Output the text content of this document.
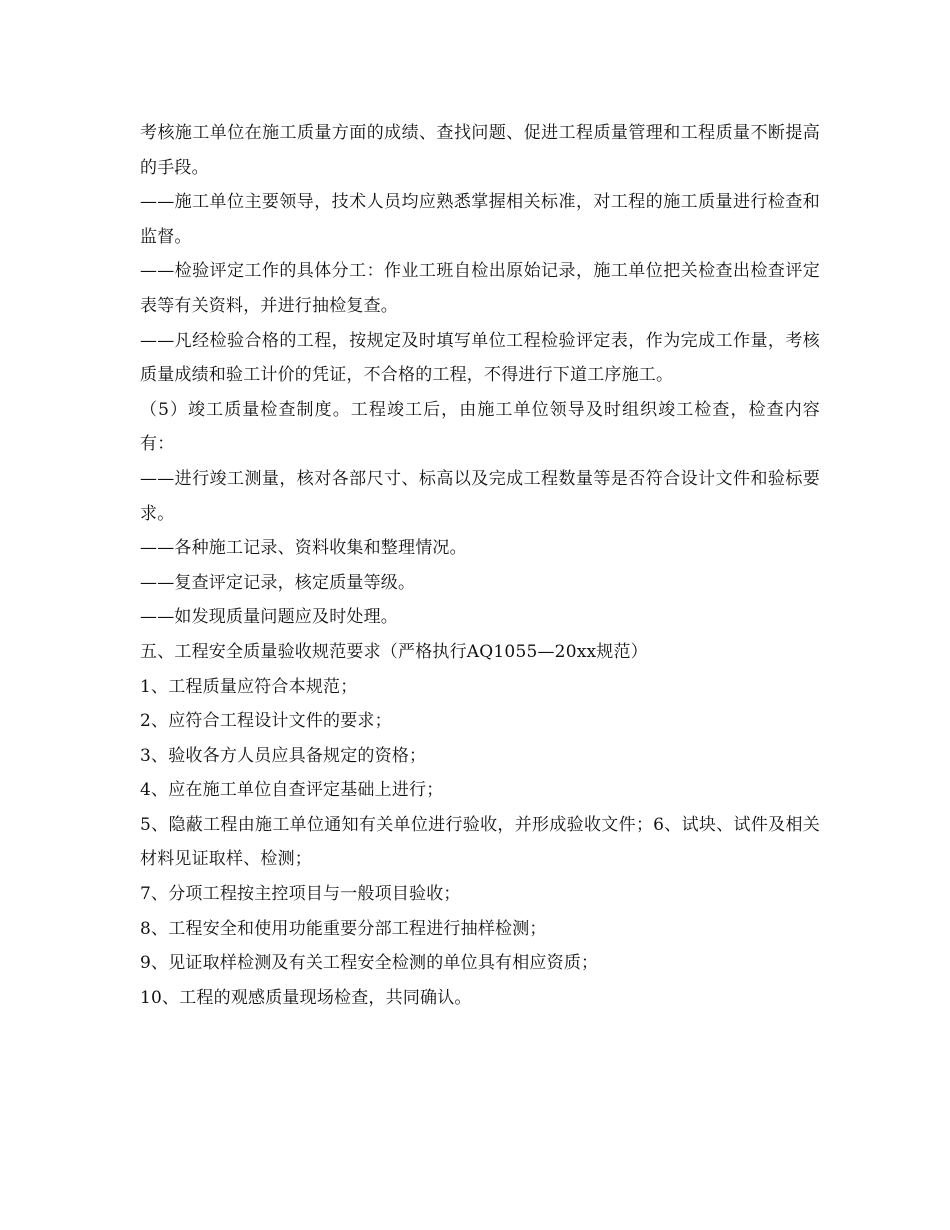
考核施工单位在施工质量方面的成绩、查找问题、促进工程质量管理和工程质量不断提高的手段。

——施工单位主要领导，技术人员均应熟悉掌握相关标准，对工程的施工质量进行检查和监督。

——检验评定工作的具体分工：作业工班自检出原始记录，施工单位把关检查出检查评定表等有关资料，并进行抽检复查。

——凡经检验合格的工程，按规定及时填写单位工程检验评定表，作为完成工作量，考核质量成绩和验工计价的凭证，不合格的工程，不得进行下道工序施工。

（5）竣工质量检查制度。工程竣工后，由施工单位领导及时组织竣工检查，检查内容有：

——进行竣工测量，核对各部尺寸、标高以及完成工程数量等是否符合设计文件和验标要求。

——各种施工记录、资料收集和整理情况。

——复查评定记录，核定质量等级。

——如发现质量问题应及时处理。

五、工程安全质量验收规范要求（严格执行AQ1055—20xx规范）

1、工程质量应符合本规范；

2、应符合工程设计文件的要求；

3、验收各方人员应具备规定的资格；

4、应在施工单位自查评定基础上进行；

5、隐蔽工程由施工单位通知有关单位进行验收，并形成验收文件；6、试块、试件及相关材料见证取样、检测；

7、分项工程按主控项目与一般项目验收；

8、工程安全和使用功能重要分部工程进行抽样检测；

9、见证取样检测及有关工程安全检测的单位具有相应资质；

10、工程的观感质量现场检查，共同确认。
